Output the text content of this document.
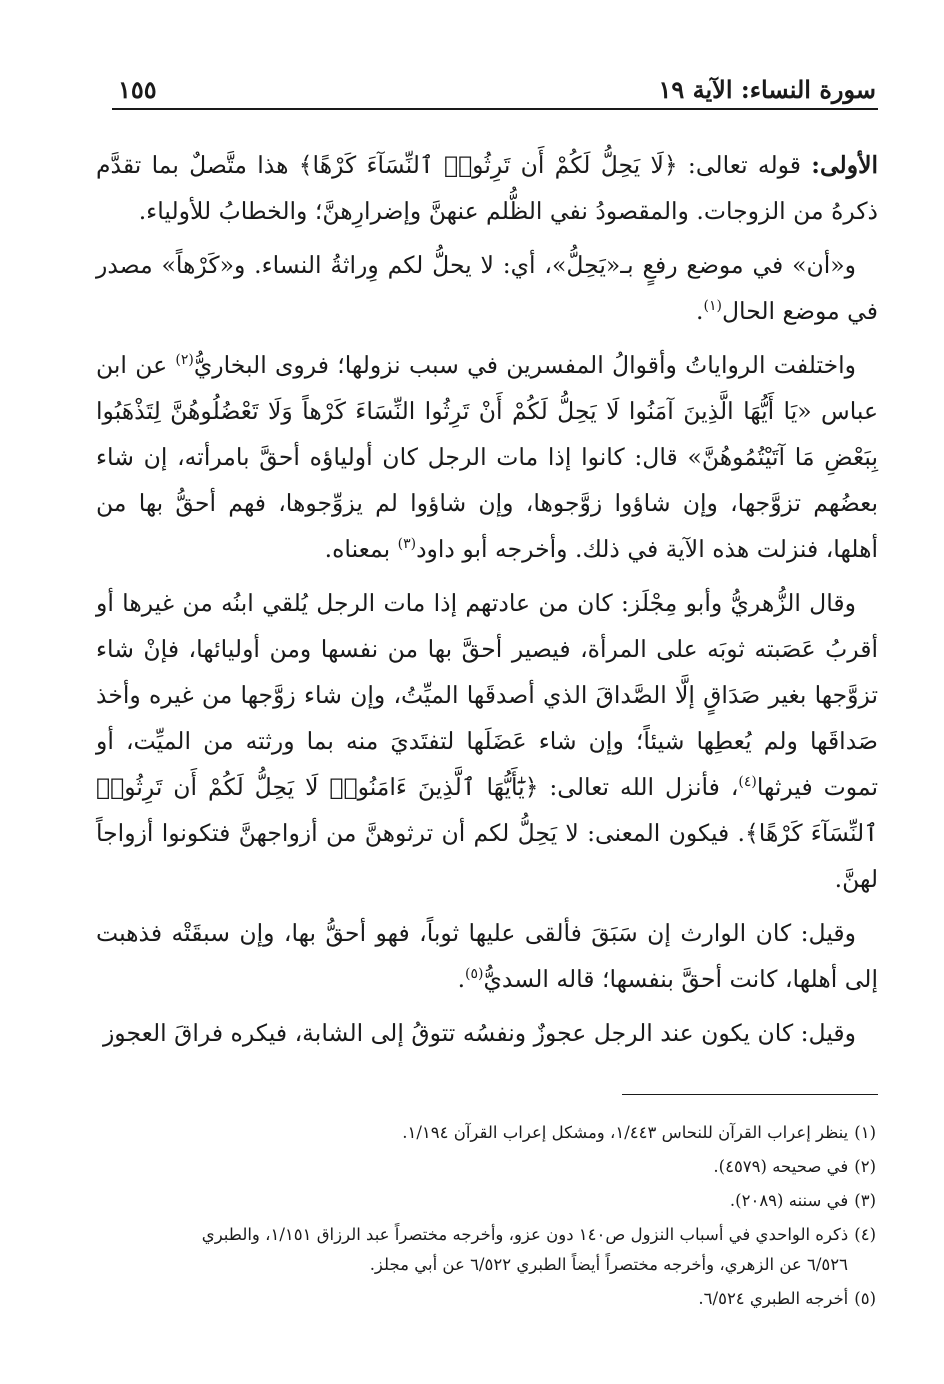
سورة النساء: الآية ١٩
١٥٥

الأولى: قوله تعالى: ﴿لَا يَحِلُّ لَكُمْ أَن تَرِثُوا۟ ٱلنِّسَآءَ كَرْهًا﴾ هذا متَّصلٌ بما تقدَّم ذكرهُ من الزوجات. والمقصودُ نفي الظُّلم عنهنَّ وإضرارِهنَّ؛ والخطابُ للأولياء.

و«أن» في موضع رفعٍ بـ«يَحِلُّ»، أي: لا يحلُّ لكم وِراثةُ النساء. و«كَرْهاً» مصدر في موضع الحال$^{(١)}$.

واختلفت الرواياتُ وأقوالُ المفسرين في سبب نزولها؛ فروى البخاريُّ$^{(٢)}$ عن ابن عباس «يَا أَيُّهَا الَّذِينَ آمَنُوا لَا يَحِلُّ لَكُمْ أَنْ تَرِثُوا النِّسَاءَ كَرْهاً وَلَا تَعْضُلُوهُنَّ لِتَذْهَبُوا بِبَعْضِ مَا آتَيْتُمُوهُنَّ» قال: كانوا إذا مات الرجل كان أولياؤه أحقَّ بامرأته، إن شاء بعضُهم تزوَّجها، وإن شاؤوا زوَّجوها، وإن شاؤوا لم يزوِّجوها، فهم أحقُّ بها من أهلها، فنزلت هذه الآية في ذلك. وأخرجه أبو داود$^{(٣)}$ بمعناه.

وقال الزُّهريُّ وأبو مِجْلَز: كان من عادتهم إذا مات الرجل يُلقي ابنُه من غيرها أو أقربُ عَصَبته ثوبَه على المرأة، فيصير أحقَّ بها من نفسها ومن أوليائها، فإنْ شاء تزوَّجها بغير صَدَاقٍ إلَّا الصَّداقَ الذي أصدقَها الميِّتُ، وإن شاء زوَّجها من غيره وأخذ صَداقَها ولم يُعطِها شيئاً؛ وإن شاء عَضَلَها لتفتَديَ منه بما ورثته من الميِّت، أو تموت فيرثها$^{(٤)}$، فأنزل الله تعالى: ﴿يَٰٓأَيُّهَا ٱلَّذِينَ ءَامَنُوا۟ لَا يَحِلُّ لَكُمْ أَن تَرِثُوا۟ ٱلنِّسَآءَ كَرْهًا﴾. فيكون المعنى: لا يَحِلُّ لكم أن ترثوهنَّ من أزواجهنَّ فتكونوا أزواجاً لهنَّ.

وقيل: كان الوارث إن سَبَقَ فألقى عليها ثوباً، فهو أحقُّ بها، وإن سبقَتْه فذهبت إلى أهلها، كانت أحقَّ بنفسها؛ قاله السديُّ$^{(٥)}$.

وقيل: كان يكون عند الرجل عجوزٌ ونفسُه تتوقُ إلى الشابة، فيكره فراقَ العجوز

(١)ينظر إعراب القرآن للنحاس ١/٤٤٣، ومشكل إعراب القرآن ١/١٩٤.

(٢)في صحيحه (٤٥٧٩).

(٣)في سننه (٢٠٨٩).

(٤)ذكره الواحدي في أسباب النزول ص١٤٠ دون عزو، وأخرجه مختصراً عبد الرزاق ١/١٥١، والطبري
٦/٥٢٦ عن الزهري، وأخرجه مختصراً أيضاً الطبري ٦/٥٢٢ عن أبي مجلز.

(٥)أخرجه الطبري ٦/٥٢٤.
